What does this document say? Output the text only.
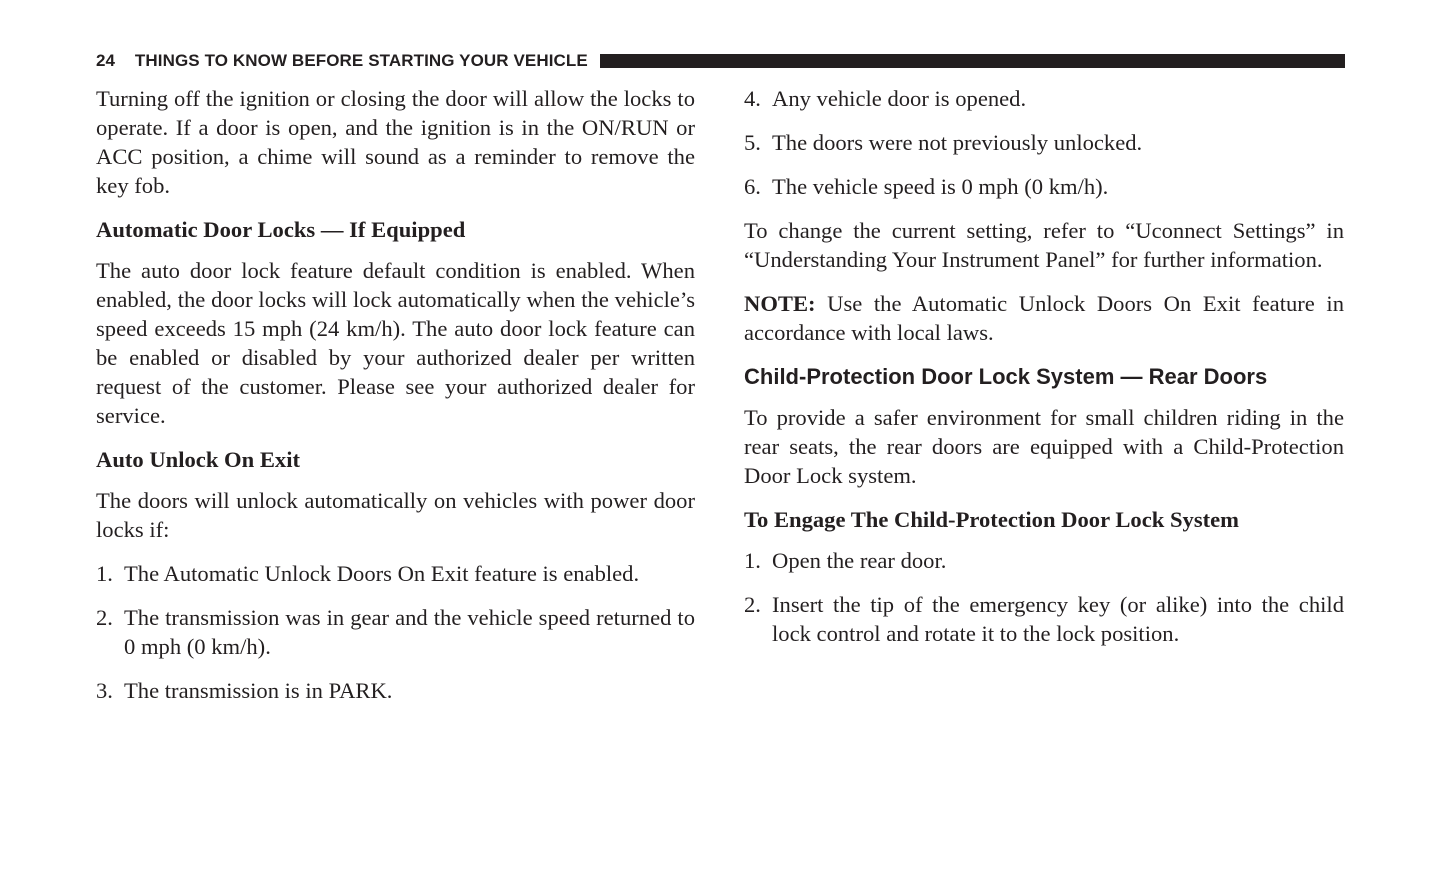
24 THINGS TO KNOW BEFORE STARTING YOUR VEHICLE

Turning off the ignition or closing the door will allow the locks to operate. If a door is open, and the ignition is in the ON/RUN or ACC position, a chime will sound as a reminder to remove the key fob.

Automatic Door Locks — If Equipped

The auto door lock feature default condition is enabled. When enabled, the door locks will lock automatically when the vehicle’s speed exceeds 15 mph (24 km/h). The auto door lock feature can be enabled or disabled by your authorized dealer per written request of the customer. Please see your authorized dealer for service.

Auto Unlock On Exit

The doors will unlock automatically on vehicles with power door locks if:

1. The Automatic Unlock Doors On Exit feature is enabled.
2. The transmission was in gear and the vehicle speed returned to 0 mph (0 km/h).
3. The transmission is in PARK.
4. Any vehicle door is opened.
5. The doors were not previously unlocked.
6. The vehicle speed is 0 mph (0 km/h).

To change the current setting, refer to “Uconnect Settings” in “Understanding Your Instrument Panel” for further information.

NOTE: Use the Automatic Unlock Doors On Exit feature in accordance with local laws.

Child-Protection Door Lock System — Rear Doors

To provide a safer environment for small children riding in the rear seats, the rear doors are equipped with a Child-Protection Door Lock system.

To Engage The Child-Protection Door Lock System
1. Open the rear door.
2. Insert the tip of the emergency key (or alike) into the child lock control and rotate it to the lock position.
